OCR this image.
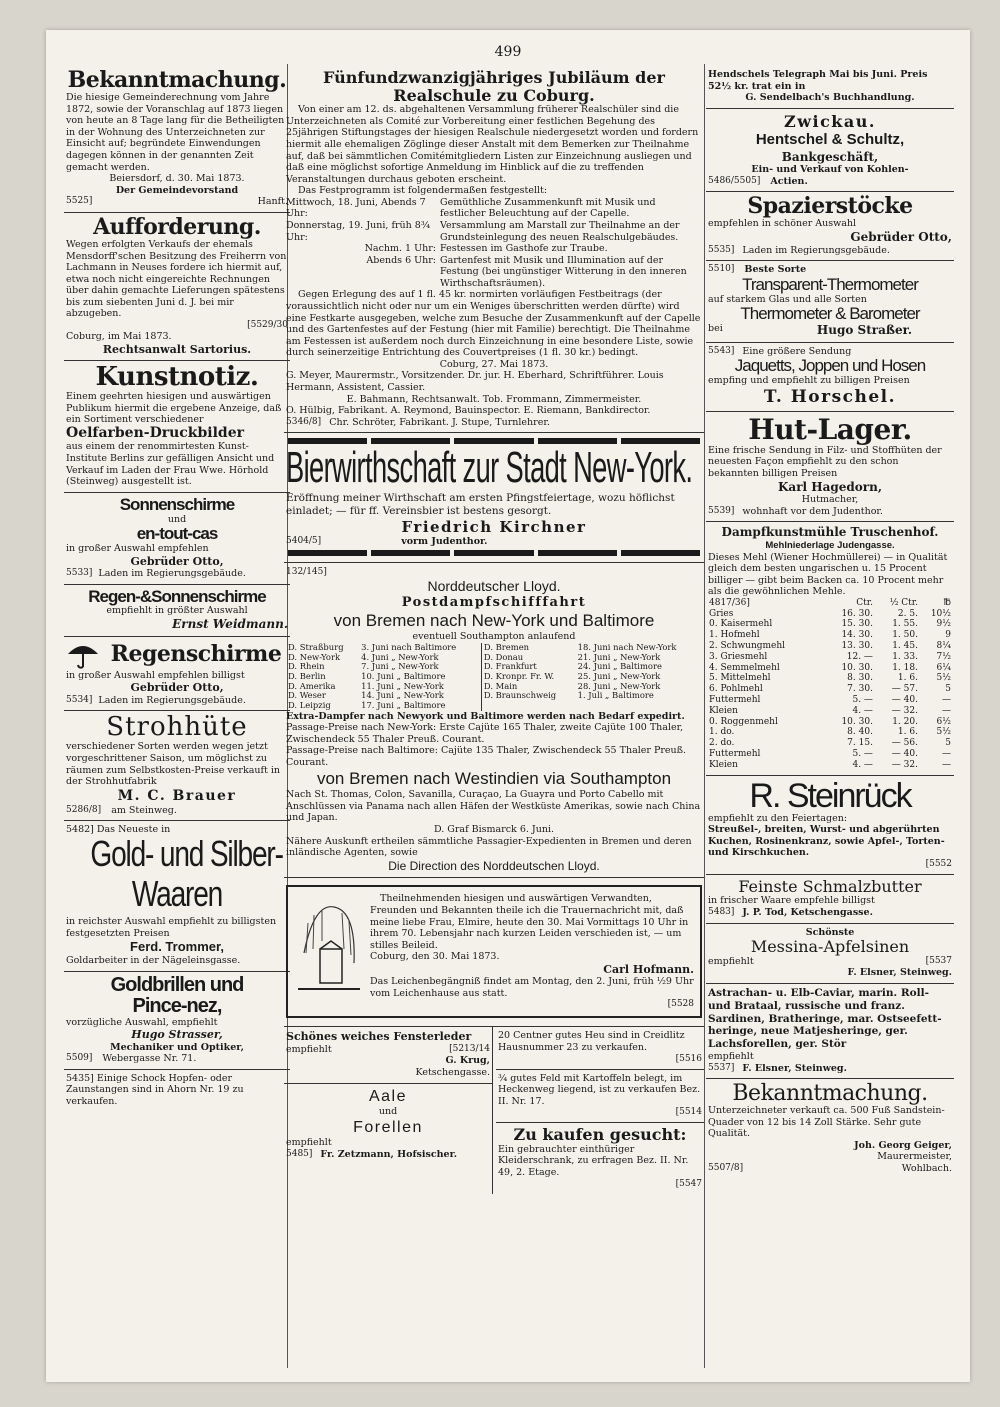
499
Bekanntmachung.

Die hiesige Gemeinderechnung vom Jahre 1872, sowie der Voranschlag auf 1873 liegen von heute an 8 Tage lang für die Betheiligten in der Wohnung des Unterzeichneten zur Einsicht auf; begründete Einwendungen dagegen können in der genannten Zeit gemacht werden.

Beiersdorf, d. 30. Mai 1873.

Der Gemeindevorstand

5525]	Hanft.
Aufforderung.

Wegen erfolgten Verkaufs der ehemals Mensdorff'schen Besitzung des Freiherrn von Lachmann in Neuses fordere ich hiermit auf, etwa noch nicht eingereichte Rechnungen über dahin gemachte Lieferungen spätestens bis zum siebenten Juni d. J. bei mir abzugeben.

[5529/30

Coburg, im Mai 1873.

Rechtsanwalt Sartorius.

Kunstnotiz.

Einem geehrten hiesigen und auswärtigen Publikum hiermit die ergebene Anzeige, daß ein Sortiment verschiedener

Oelfarben-Druckbilder

aus einem der renommirtesten Kunst-Institute Berlins zur gefälligen Ansicht und Verkauf im Laden der Frau Wwe. Hörhold (Steinweg) ausgestellt ist.

Sonnenschirme

und

en-tout-cas

in großer Auswahl empfehlen

Gebrüder Otto,

5533] Laden im Regierungsgebäude.
Regen-&Sonnenschirme

empfiehlt in größter Auswahl

Ernst Weidmann.

Regenschirme

in großer Auswahl empfehlen billigst

Gebrüder Otto,

5534] Laden im Regierungsgebäude.
Strohhüte

verschiedener Sorten werden wegen jetzt vorgeschrittener Saison, um möglichst zu räumen zum Selbstkosten-Preise verkauft in der Strohhutfabrik

M. C. Brauer

5286/8] am Steinweg.

5482] Das Neueste in

Gold- und Silber-
Waaren

in reichster Auswahl empfiehlt zu billigsten festgesetzten Preisen

Ferd. Trommer,

Goldarbeiter in der Nägeleinsgasse.

Goldbrillen und
Pince-nez,

vorzügliche Auswahl, empfiehlt

Hugo Strasser,

Mechaniker und Optiker,

5509] Webergasse Nr. 71.

5435] Einige Schock Hopfen- oder Zaunstangen sind in Ahorn Nr. 19 zu verkaufen.

Fünfundzwanzigjähriges Jubiläum der
Realschule zu Coburg.

Von einer am 12. ds. abgehaltenen Versammlung früherer Realschüler sind die Unterzeichneten als Comité zur Vorbereitung einer festlichen Begehung des 25jährigen Stiftungstages der hiesigen Realschule niedergesetzt worden und fordern hiermit alle ehemaligen Zöglinge dieser Anstalt mit dem Bemerken zur Theilnahme auf, daß bei sämmtlichen Comitémitgliedern Listen zur Einzeichnung ausliegen und daß eine möglichst sofortige Anmeldung im Hinblick auf die zu treffenden Veranstaltungen durchaus geboten erscheint.

Das Festprogramm ist folgendermaßen festgestellt:

Mittwoch, 18. Juni, Abends 7 Uhr:
Gemüthliche Zusammenkunft mit Musik und festlicher Beleuchtung auf der Capelle.
Donnerstag, 19. Juni, früh 8¾ Uhr:
Versammlung am Marstall zur Theilnahme an der Grundsteinlegung des neuen Realschulgebäudes.
Nachm. 1 Uhr: Festessen im Gasthofe zur Traube.
Abends 6 Uhr: Gartenfest mit Musik und Illumination auf der Festung (bei ungünstiger Witterung in den inneren Wirthschaftsräumen).

Gegen Erlegung des auf 1 fl. 45 kr. normirten vorläufigen Festbeitrags (der voraussichtlich nicht oder nur um ein Weniges überschritten werden dürfte) wird eine Festkarte ausgegeben, welche zum Besuche der Zusammenkunft auf der Capelle und des Gartenfestes auf der Festung (hier mit Familie) berechtigt. Die Theilnahme am Festessen ist außerdem noch durch Einzeichnung in eine besondere Liste, sowie durch seinerzeitige Entrichtung des Couvertpreises (1 fl. 30 kr.) bedingt.

Coburg, 27. Mai 1873.

G. Meyer, Maurermstr., Vorsitzender. Dr. jur. H. Eberhard, Schriftführer. Louis Hermann, Assistent, Cassier.

E. Bahmann, Rechtsanwalt. Tob. Frommann, Zimmermeister.

O. Hülbig, Fabrikant. A. Reymond, Bauinspector. E. Riemann, Bankdirector.

5346/8] Chr. Schröter, Fabrikant. J. Stupe, Turnlehrer.
Bierwirthschaft zur Stadt New-York.

Eröffnung meiner Wirthschaft am ersten Pfingstfeiertage, wozu höflichst einladet; — für ff. Vereinsbier ist bestens gesorgt.

Friedrich Kirchner

5404/5]	vorm Judenthor.
132/145]
Norddeutscher Lloyd.
Postdampfschifffahrt
von Bremen nach New-York und Baltimore
eventuell Southampton anlaufend
D. Straßburg	3. Juni nach Baltimore	D. Bremen	18. Juni nach New-York
D. New-York	4. Juni „ New-York	D. Donau	21. Juni „ New-York
D. Rhein	7. Juni „ New-York	D. Frankfurt	24. Juni „ Baltimore
D. Berlin	10. Juni „ Baltimore	D. Kronpr. Fr. W.	25. Juni „ New-York
D. Amerika	11. Juni „ New-York	D. Main	28. Juni „ New-York
D. Weser	14. Juni „ New-York	D. Braunschweig	1. Juli „ Baltimore
D. Leipzig	17. Juni „ Baltimore		

Extra-Dampfer nach Newyork und Baltimore werden nach Bedarf expedirt.

Passage-Preise nach New-York: Erste Cajüte 165 Thaler, zweite Cajüte 100 Thaler, Zwischendeck 55 Thaler Preuß. Courant.

Passage-Preise nach Baltimore: Cajüte 135 Thaler, Zwischendeck 55 Thaler Preuß. Courant.

von Bremen nach Westindien via Southampton

Nach St. Thomas, Colon, Savanilla, Curaçao, La Guayra und Porto Cabello mit Anschlüssen via Panama nach allen Häfen der Westküste Amerikas, sowie nach China und Japan.

D. Graf Bismarck 6. Juni.

Nähere Auskunft ertheilen sämmtliche Passagier-Expedienten in Bremen und deren inländische Agenten, sowie

Die Direction des Norddeutschen Lloyd.

Theilnehmenden hiesigen und auswärtigen Verwandten, Freunden und Bekannten theile ich die Trauernachricht mit, daß meine liebe Frau, Elmire, heute den 30. Mai Vormittags 10 Uhr in ihrem 70. Lebensjahr nach kurzen Leiden verschieden ist, — um stilles Beileid.

Coburg, den 30. Mai 1873.

Carl Hofmann.

Das Leichenbegängniß findet am Montag, den 2. Juni, früh ½9 Uhr vom Leichenhause aus statt.

[5528

Schönes weiches Fensterleder

empfiehlt	[5213/14

G. Krug,

Ketschengasse.

Aale
und
Forellen

empfiehlt

5485] Fr. Zetzmann, Hofsischer.

20 Centner gutes Heu sind in Creidlitz Hausnummer 23 zu verkaufen.

[5516

¾ gutes Feld mit Kartoffeln belegt, im Heckenweg liegend, ist zu verkaufen Bez. II. Nr. 17.

[5514

Zu kaufen gesucht:

Ein gebrauchter einthüriger Kleiderschrank, zu erfragen Bez. II. Nr. 49, 2. Etage.

[5547

Hendschels Telegraph Mai bis Juni. Preis 52½ kr. trat ein in

G. Sendelbach's Buchhandlung.

Zwickau.
Hentschel & Schultz,
Bankgeschäft,

Ein- und Verkauf von Kohlen-

5486/5505] Actien.
Spazierstöcke

empfehlen in schöner Auswahl

Gebrüder Otto,

5535] Laden im Regierungsgebäude.
5510] Beste Sorte
Transparent-Thermometer

auf starkem Glas und alle Sorten

Thermometer & Barometer
bei	Hugo Straßer.
5543] Eine größere Sendung
Jaquetts, Joppen und Hosen

empfing und empfiehlt zu billigen Preisen

T. Horschel.

Hut-Lager.

Eine frische Sendung in Filz- und Stoffhüten der neuesten Façon empfiehlt zu den schon bekannten billigen Preisen

Karl Hagedorn,

Hutmacher,

5539] wohnhaft vor dem Judenthor.
Dampfkunstmühle Truschenhof.
Mehlniederlage Judengasse.

Dieses Mehl (Wiener Hochmüllerei) — in Qualität gleich dem besten ungarischen u. 15 Procent billiger — gibt beim Backen ca. 10 Procent mehr als die gewöhnlichen Mehle.

4817/36]	Ctr.	½ Ctr.	℔
Gries	16. 30.	2. 5.	10½
0. Kaisermehl	15. 30.	1. 55.	9½
1. Hofmehl	14. 30.	1. 50.	9
2. Schwungmehl	13. 30.	1. 45.	8¼
3. Griesmehl	12. —	1. 33.	7½
4. Semmelmehl	10. 30.	1. 18.	6¼
5. Mittelmehl	8. 30.	1. 6.	5½
6. Pohlmehl	7. 30.	— 57.	5
Futtermehl	5. —	— 40.	—
Kleien	4. —	— 32.	—
0. Roggenmehl	10. 30.	1. 20.	6½
1. do.	8. 40.	1. 6.	5½
2. do.	7. 15.	— 56.	5
Futtermehl	5. —	— 40.	—
Kleien	4. —	— 32.	—
R. Steinrück

empfiehlt zu den Feiertagen:

Streußel-, breiten, Wurst- und abgerührten Kuchen, Rosinenkranz, sowie Apfel-, Torten- und Kirschkuchen.

[5552

Feinste Schmalzbutter

in frischer Waare empfehle billigst

5483] J. P. Tod, Ketschengasse.

Schönste

Messina-Apfelsinen
empfiehlt	[5537

F. Elsner, Steinweg.

Astrachan- u. Elb-Caviar, marin. Roll- und Brataal, russische und franz. Sardinen, Bratheringe, mar. Ostseefett-heringe, neue Matjesheringe, ger. Lachsforellen, ger. Stör

empfiehlt

5537] F. Elsner, Steinweg.
Bekanntmachung.

Unterzeichneter verkauft ca. 500 Fuß Sandstein-Quader von 12 bis 14 Zoll Stärke. Sehr gute Qualität.

Joh. Georg Geiger,

Maurermeister,

5507/8]	Wohlbach.
